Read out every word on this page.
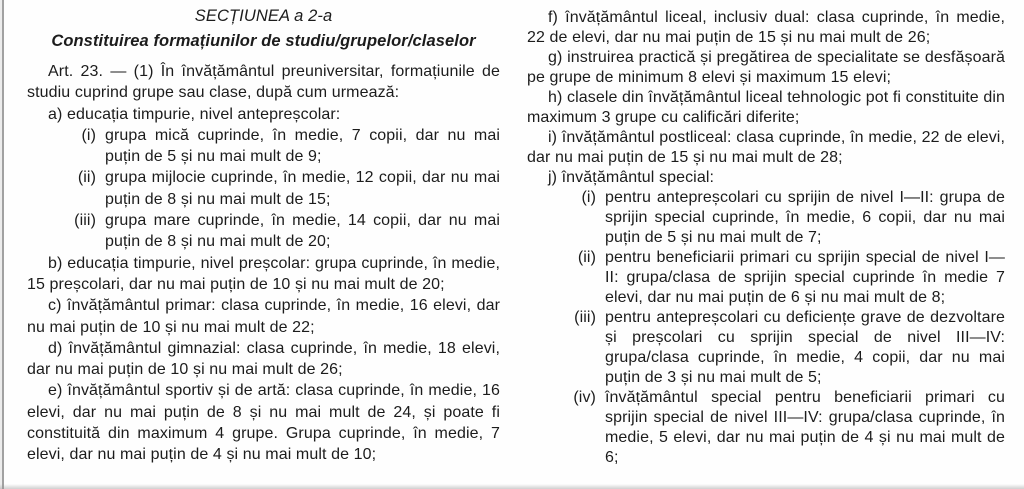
SECȚIUNEA a 2-a
Constituirea formațiunilor de studiu/grupelor/claselor

Art. 23. — (1) În învățământul preuniversitar, formațiunile de studiu cuprind grupe sau clase, după cum urmează:

a) educația timpurie, nivel antepreșcolar:

(i) grupa mică cuprinde, în medie, 7 copii, dar nu mai puțin de 5 și nu mai mult de 9;
(ii) grupa mijlocie cuprinde, în medie, 12 copii, dar nu mai puțin de 8 și nu mai mult de 15;
(iii) grupa mare cuprinde, în medie, 14 copii, dar nu mai puțin de 8 și nu mai mult de 20;

b) educația timpurie, nivel preșcolar: grupa cuprinde, în medie, 15 preșcolari, dar nu mai puțin de 10 și nu mai mult de 20;

c) învățământul primar: clasa cuprinde, în medie, 16 elevi, dar nu mai puțin de 10 și nu mai mult de 22;

d) învățământul gimnazial: clasa cuprinde, în medie, 18 elevi, dar nu mai puțin de 10 și nu mai mult de 26;

e) învățământul sportiv și de artă: clasa cuprinde, în medie, 16 elevi, dar nu mai puțin de 8 și nu mai mult de 24, și poate fi constituită din maximum 4 grupe. Grupa cuprinde, în medie, 7 elevi, dar nu mai puțin de 4 și nu mai mult de 10;

f) învățământul liceal, inclusiv dual: clasa cuprinde, în medie, 22 de elevi, dar nu mai puțin de 15 și nu mai mult de 26;

g) instruirea practică și pregătirea de specialitate se desfășoară pe grupe de minimum 8 elevi și maximum 15 elevi;

h) clasele din învățământul liceal tehnologic pot fi constituite din maximum 3 grupe cu calificări diferite;

i) învățământul postliceal: clasa cuprinde, în medie, 22 de elevi, dar nu mai puțin de 15 și nu mai mult de 28;

j) învățământul special:

(i) pentru antepreșcolari cu sprijin de nivel I—II: grupa de sprijin special cuprinde, în medie, 6 copii, dar nu mai puțin de 5 și nu mai mult de 7;
(ii) pentru beneficiarii primari cu sprijin special de nivel I—II: grupa/clasa de sprijin special cuprinde în medie 7 elevi, dar nu mai puțin de 6 și nu mai mult de 8;
(iii) pentru antepreșcolari cu deficiențe grave de dezvoltare și preșcolari cu sprijin special de nivel III—IV: grupa/clasa cuprinde, în medie, 4 copii, dar nu mai puțin de 3 și nu mai mult de 5;
(iv) învățământul special pentru beneficiarii primari cu sprijin special de nivel III—IV: grupa/clasa cuprinde, în medie, 5 elevi, dar nu mai puțin de 4 și nu mai mult de 6;
